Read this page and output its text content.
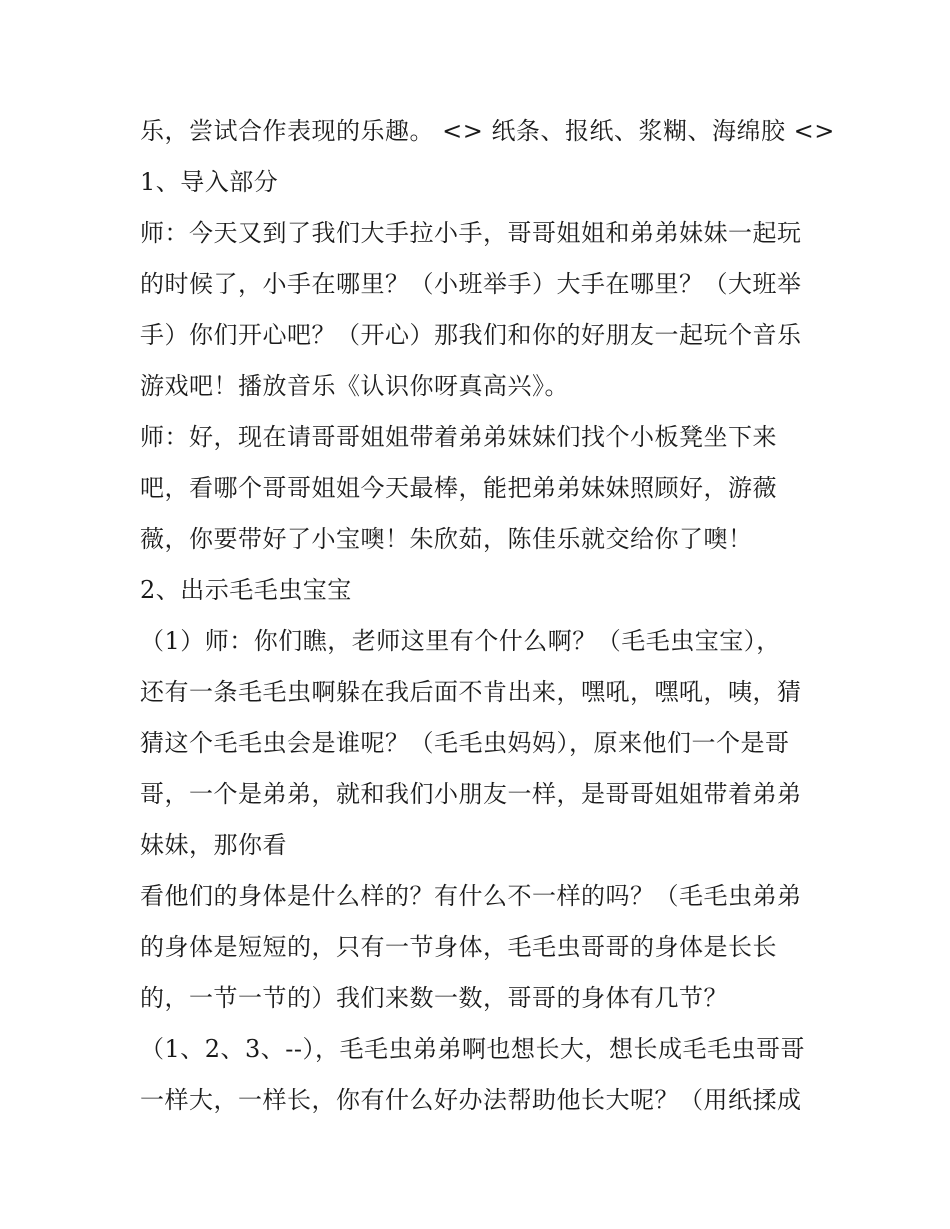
乐，尝试合作表现的乐趣。 <> 纸条、报纸、浆糊、海绵胶 <>
1、导入部分
师：今天又到了我们大手拉小手，哥哥姐姐和弟弟妹妹一起玩
的时候了，小手在哪里？（小班举手）大手在哪里？（大班举
手）你们开心吧？（开心）那我们和你的好朋友一起玩个音乐
游戏吧！播放音乐《认识你呀真高兴》。
师：好，现在请哥哥姐姐带着弟弟妹妹们找个小板凳坐下来
吧，看哪个哥哥姐姐今天最棒，能把弟弟妹妹照顾好，游薇
薇，你要带好了小宝噢！朱欣茹，陈佳乐就交给你了噢！
2、出示毛毛虫宝宝
（1）师：你们瞧，老师这里有个什么啊？（毛毛虫宝宝），
还有一条毛毛虫啊躲在我后面不肯出来，嘿吼，嘿吼，咦，猜
猜这个毛毛虫会是谁呢？（毛毛虫妈妈），原来他们一个是哥
哥，一个是弟弟，就和我们小朋友一样，是哥哥姐姐带着弟弟
妹妹，那你看
看他们的身体是什么样的？有什么不一样的吗？（毛毛虫弟弟
的身体是短短的，只有一节身体，毛毛虫哥哥的身体是长长
的，一节一节的）我们来数一数，哥哥的身体有几节？
（1、2、3、--），毛毛虫弟弟啊也想长大，想长成毛毛虫哥哥
一样大，一样长，你有什么好办法帮助他长大呢？（用纸揉成
